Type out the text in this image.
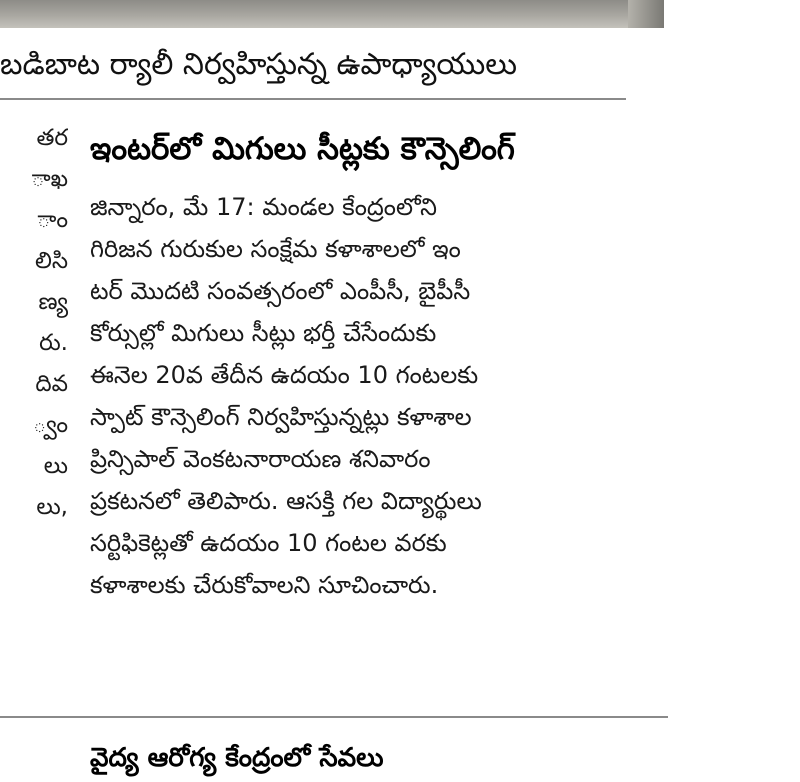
బడిబాట ర్యాలీ నిర్వహిస్తున్న ఉపాధ్యాయులు
తర
ాఖ
ాం
లిసి
ణ్య
రు.
దివ
్వం
లు
లు,
ఇంటర్‌లో మిగులు సీట్లకు కౌన్సెలింగ్
జిన్నారం, మే 17: మండల కేంద్రంలోని
గిరిజన గురుకుల సంక్షేమ కళాశాలలో ఇం
టర్ మొదటి సంవత్సరంలో ఎంపీసీ, బైపీసీ
కోర్సుల్లో మిగులు సీట్లు భర్తీ చేసేందుకు
ఈనెల 20వ తేదీన ఉదయం 10 గంటలకు
స్పాట్ కౌన్సెలింగ్ నిర్వహిస్తున్నట్లు కళాశాల
ప్రిన్సిపాల్ వెంకటనారాయణ శనివారం
ప్రకటనలో తెలిపారు. ఆసక్తి గల విద్యార్థులు
సర్టిఫికెట్లతో ఉదయం 10 గంటల వరకు
కళాశాలకు చేరుకోవాలని సూచించారు.
వైద్య ఆరోగ్య కేంద్రంలో సేవలు
